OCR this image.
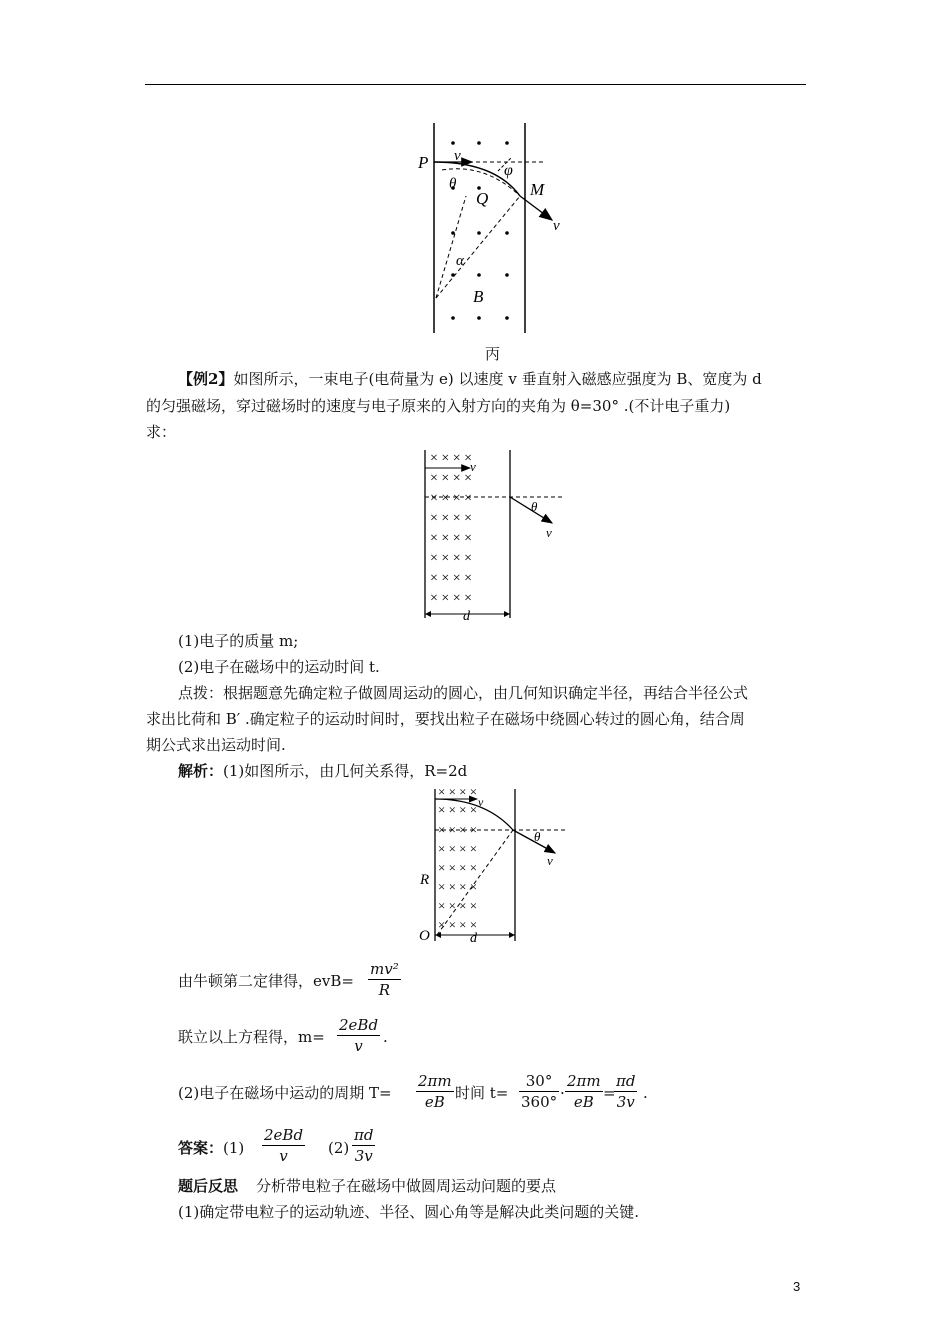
P v
φ
θ	M
Q
v
α
B
丙
【例2】如图所示，一束电子(电荷量为 e) 以速度 v 垂直射入磁感应强度为 B、宽度为 d
的匀强磁场，穿过磁场时的速度与电子原来的入射方向的夹角为 θ=30° .(不计电子重力)
求：
× × × ×
× × × ×
× × × ×
× × × ×
× × × ×
× × × ×
× × × ×
× × × ×
v
θ
v
d
(1)电子的质量 m;
(2)电子在磁场中的运动时间 t.
点拨：根据题意先确定粒子做圆周运动的圆心，由几何知识确定半径，再结合半径公式
求出比荷和 B′ .确定粒子的运动时间时，要找出粒子在磁场中绕圆心转过的圆心角，结合周
期公式求出运动时间.
解析：(1)如图所示，由几何关系得，R=2d
× × × ×
× × × ×
× × × ×
× × × ×
× × × ×
× × × ×
× × × ×
× × × ×
v
θ
v
R
O	d
由牛顿第二定律得，evB=
mv²
R
联立以上方程得，m=
2eBd
v	.
(2)电子在磁场中运动的周期 T=
2πm
eB 时间 t=
30°
360° ·
2πm
eB =
πd
3v .
答案：(1)
2eBd
v	(2)
πd
3v
题后反思 分析带电粒子在磁场中做圆周运动问题的要点
(1)确定带电粒子的运动轨迹、半径、圆心角等是解决此类问题的关键.
3
